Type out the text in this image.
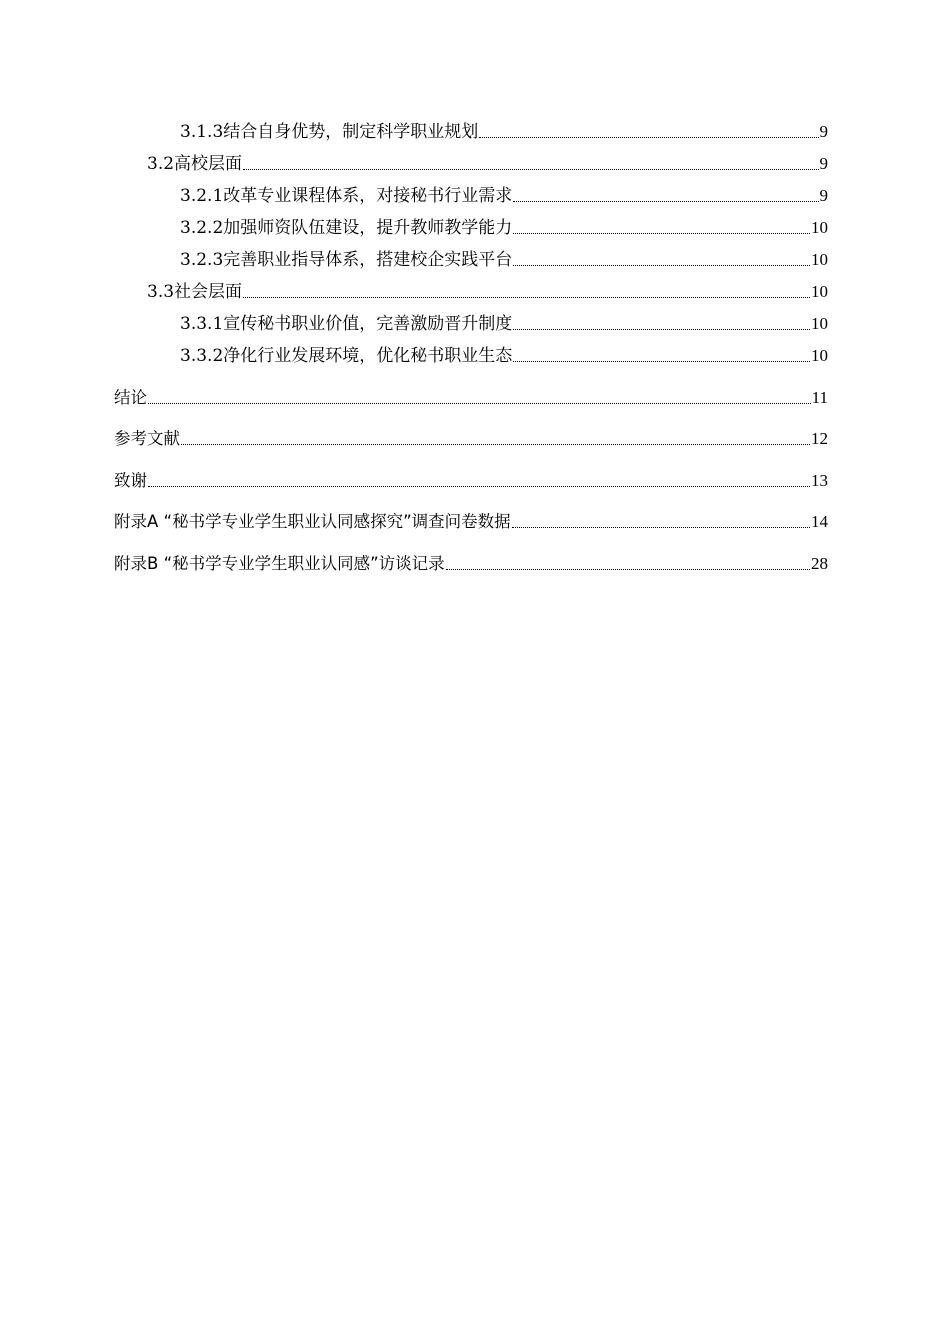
3.1.3结合自身优势，制定科学职业规划	9
3.2高校层面	9
3.2.1改革专业课程体系，对接秘书行业需求	9
3.2.2加强师资队伍建设，提升教师教学能力	10
3.2.3完善职业指导体系，搭建校企实践平台	10
3.3社会层面	10
3.3.1宣传秘书职业价值，完善激励晋升制度	10
3.3.2净化行业发展环境，优化秘书职业生态	10
结论	11
参考文献	12
致谢	13
附录A “秘书学专业学生职业认同感探究”调查问卷数据	14
附录B “秘书学专业学生职业认同感”访谈记录	28
